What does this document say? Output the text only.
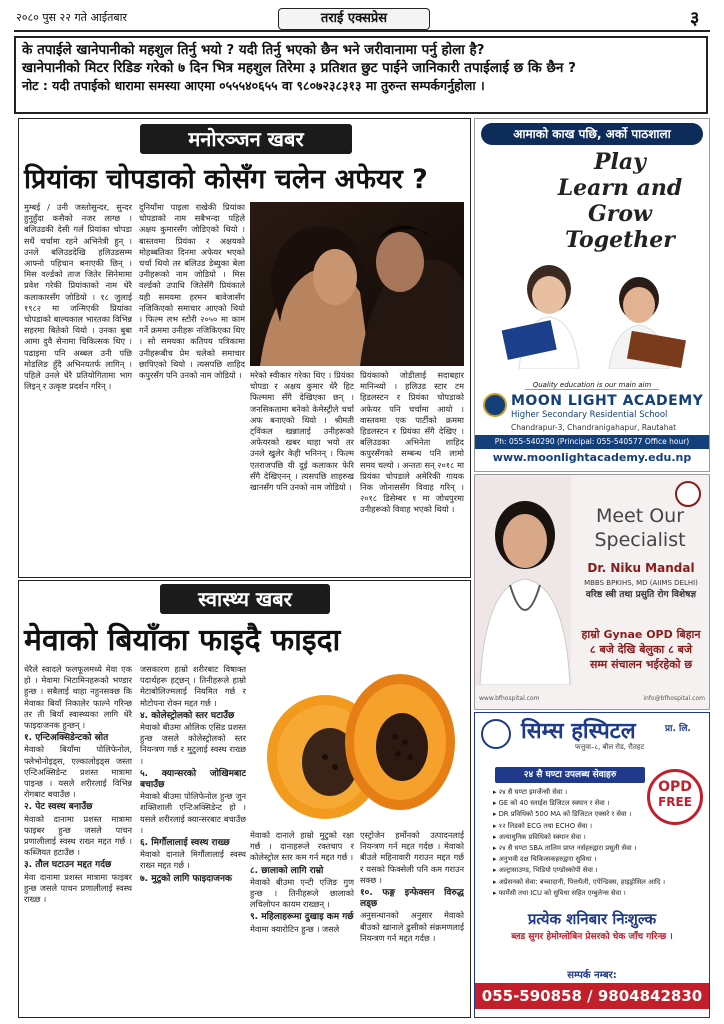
२०८० पुस २२ गते आईतबार	तराई एक्सप्रेस	३

के तपाईले खानेपानीको महशुल तिर्नु भयो ? यदी तिर्नु भएको छैन भने जरीवानामा पर्नु होला है?

खानेपानीको मिटर रिडिङ गरेको ७ दिन भित्र महशुल तिरेमा ३ प्रतिशत छुट पाईने जानिकारी तपाईलाई छ कि छैन ?

नोट : यदी तपाईको धारामा समस्या आएमा ०५५५४०६५५ वा ९८०७२३८३१३ मा तुरुन्त सम्पर्कगर्नुहोला ।

मनोरञ्जन खबर
प्रियांका चोपडाको कोसँग चलेन अफेयर ?
मुम्बई / उनी जस्तोसुन्दर, सुन्दर हुनुहुँदा कसैको नजर लाग्छ । बलिउडकी देसी गर्ल प्रियांका चोपडा सधैं चर्चामा रहने अभिनेत्री हुन् । उनले बलिउडदेखि हलिउडसम्म आफ्नो पहिचान बनाएकी छिन् । मिस वर्ल्डको ताज जितेर सिनेमामा प्रवेश गरेकी प्रियांकाको नाम धेरै कलाकारसँग जोडियो । १८ जुलाई १९८२ मा जन्मिएकी प्रियांका चोपडाको बाल्यकाल भारतका विभिन्न सहरमा बितेको थियो । उनका बुबा आमा दुवै सेनामा चिकित्सक थिए । पढाइमा पनि अब्बल उनी पछि मोडलिङ हुँदै अभिनयतर्फ लागिन् । पहिले उनले धेरै प्रतियोगितामा भाग लिइन् र उत्कृष्ट प्रदर्शन गरिन् ।
दुनियाँमा पाइला राखेकी प्रियांका चोपडाको नाम सबैभन्दा पहिले अक्षय कुमारसँग जोडिएको थियो । बास्तवमा प्रियंका र अक्षयको मोहब्बतिका दिनमा अफेयर भएको चर्चा थियो तर बलिउड डेब्युका बेला उनीहरूको नाम जोडियो । मिस वर्ल्डको उपाधि जितेसँगै प्रियंकाले यही समयमा हरमन बावेजासँग नजिकिएको समाचार आएको थियो । फिल्म लभ स्टोरी २०५० मा काम गर्ने क्रममा उनीहरू नजिकिएका थिए । सो समयका कतिपय पत्रिकामा उनीहरूबीच प्रेम चलेको समाचार छापिएको थियो । त्यसपछि शाहिद कपुरसँग पनि उनको नाम जोडियो ।	मरेको स्वीकार गरेका थिए । प्रियंका चोपडा र अक्षय कुमार धेरै हिट फिल्ममा सँगै देखिएका छन् । जनसिकतामा बनेको केमेस्ट्रीले चर्चा अफ बनाएको थियो । श्रीमती ट्विंकल खन्नालाई उनीहरूको अफेयरको खबर थाहा भयो तर उनले खुलेर केही भनिनन् । फिल्म एतराजपछि यी दुई कलाकार फेरि सँगै देखिएनन् । त्यसपछि शाहरुख खानसँग पनि उनको नाम जोडियो ।
प्रियंकाको जोडीलाई सदाबहार मानिन्थ्यो । हलिउड स्टार टम हिडलस्टन र प्रियंका चोपडाको अफेयर पनि चर्चामा आयो । वास्तवमा एक पार्टीको क्रममा हिडलस्टन र प्रियंका सँगै देखिए । बलिउडका अभिनेता शाहिद कपुरसँगको सम्बन्ध पनि लामो समय चल्यो । अन्ततः सन् २०१८ मा प्रियंका चोपडाले अमेरिकी गायक निक जोनाससँग विवाह गरिन् । २०१८ डिसेम्बर १ मा जोधपुरमा उनीहरूको विवाह भएको थियो ।
स्वास्थ्य खबर
मेवाको बियाँका फाइदै फाइदा
धेरैले स्वादले फलफूलमध्ये मेवा एक हो । मेवामा भिटामिनहरूको भण्डार हुन्छ । सबैलाई थाहा नहुनसक्छ कि मेवाका बियाँ निकालेर फाल्ने गरिन्छ तर ती बियाँ स्वास्थ्यका लागि धेरै फाइदाजनक हुन्छन् ।
१. एन्टिअक्सिडेन्टको स्रोत
मेवाको बियाँमा पोलिफेनोल, फ्लेभोनोइड्स, एल्कालोइड्स जस्ता एन्टिअक्सिडेन्ट प्रशस्त मात्रामा पाइन्छ । यसले शरीरलाई विभिन्न रोगबाट बचाउँछ ।
२. पेट स्वस्थ बनाउँछ
मेवाको दानामा प्रशस्त मात्रामा फाइबर हुन्छ जसले पाचन प्रणालीलाई स्वस्थ राख्न मद्दत गर्छ । कब्जियत हटाउँछ ।
३. तौल घटाउन मद्दत गर्दछ
मेवा दानामा प्रशस्त मात्रामा फाइबर हुन्छ जसले पाचन प्रणालीलाई स्वस्थ राख्छ ।
जसकारण हाम्रो शरीरबाट विषाक्त पदार्थहरू हट्छन् । तिनीहरूले हाम्रो मेटाबोलिज्मलाई नियमित गर्छ र मोटोपना रोक्न मद्दत गर्छ ।
४. कोलेस्ट्रोलको स्तर घटाउँछ
मेवाको बीउमा ओलिक एसिड प्रशस्त हुन्छ जसले कोलेस्ट्रोलको स्तर नियन्त्रण गर्छ र मुटुलाई स्वस्थ राख्छ ।
५. क्यान्सरको जोखिमबाट बचाउँछ
मेवाको बीउमा पोलिफेनोल हुन्छ जुन शक्तिशाली एन्टिअक्सिडेन्ट हो । यसले शरीरलाई क्यान्सरबाट बचाउँछ ।
६. मिर्गौलालाई स्वस्थ राख्छ
मेवाको दानाले मिर्गौलालाई स्वस्थ राख्न मद्दत गर्छ ।
७. मुटुको लागि फाइदाजनक
मेवाको दानाले हाम्रो मुटुको रक्षा गर्छ । दानाहरूले रक्तचाप र कोलेस्ट्रोल स्तर कम गर्न मद्दत गर्छ ।
८. छालाको लागि राम्रो
मेवाको बीउमा एन्टी एजिङ गुण हुन्छ । तिनीहरूले छालाको लचिलोपन कायम राख्छन् ।
९. महिलाहरूमा दुखाइ कम गर्छ
मेवामा क्यारोटिन हुन्छ । जसले
एस्ट्रोजेन हर्मोनको उत्पादनलाई नियन्त्रण गर्न मद्दत गर्दछ । मेवाको बीउले महिनावारी गराउन मद्दत गर्छ र यसको फिक्सेली पनि कम गराउन सक्छ ।
१०. फङ्ग इन्फेक्सन विरुद्ध लड्छ
अनुसन्धानको अनुसार मेवाको बीउको खानाले ढुसीको संक्रमणलाई नियन्त्रण गर्न मद्दत गर्दछ ।
आमाको काख पछि, अर्को पाठशाला
Play
Learn and
Grow
Together
Quality education is our main aim
MOON LIGHT ACADEMY
Higher Secondary Residential School
Chandrapur-3, Chandranigahapur, Rautahat
Ph: 055-540290 (Principal: 055-540577 Office hour)
www.moonlightacademy.edu.np
Meet Our
Specialist
Dr. Niku Mandal
MBBS BPKIHS, MD (AIIMS DELHI)
वरिष्ठ स्त्री तथा प्रसुति रोग विशेषज्ञ
हाम्रो Gynae OPD बिहान
८ बजे देखि बेलुका ८ बजे
सम्म संचालन भईरहेको छ
www.bfhospital.com	info@bfhospital.com
सिम्स हस्पिटल	प्रा. लि.
फत्तुवा–८, बौल रोड, रौतहट
२४ सै घण्टा उपलब्ध सेवाहरु
OPD
FREE
▸ २४ सै घण्टा इमर्जेन्सी सेवा ।
▸ GE को 40 स्लाईस डिजिटल स्क्यान र सेवा ।
▸ DR प्रविधिको 500 MA को डिजिटल एक्सरे र सेवा ।
▸ १२ लिडको ECG तथा ECHO सेवा ।
▸ अत्याधुनिक प्रविधिको स्क्यान सेवा ।
▸ २४ सै घण्टा SBA तालिम प्राप्त नर्सहरुद्वारा प्रसुती सेवा ।
▸ अनुभवी दक्ष चिकित्सकहरुद्वारा सुविधा ।
▸ अल्ट्रासाउण्ड, भिडियो एण्डोस्कोपी सेवा ।
▸ अप्रेसनको सेवा: बच्चादानी, पित्तथैली, एपेन्डिक्स, हाइड्रोसिल आदि ।
▸ फार्मेसी तथा ICU को सुविधा सहित एम्बुलेन्स सेवा ।
प्रत्येक शनिबार निःशुल्क
ब्लड सुगर हेमोग्लोबिन प्रेसरको चेक जाँच गरिन्छ ।
सम्पर्क नम्बर:
055-590858 / 9804842830
